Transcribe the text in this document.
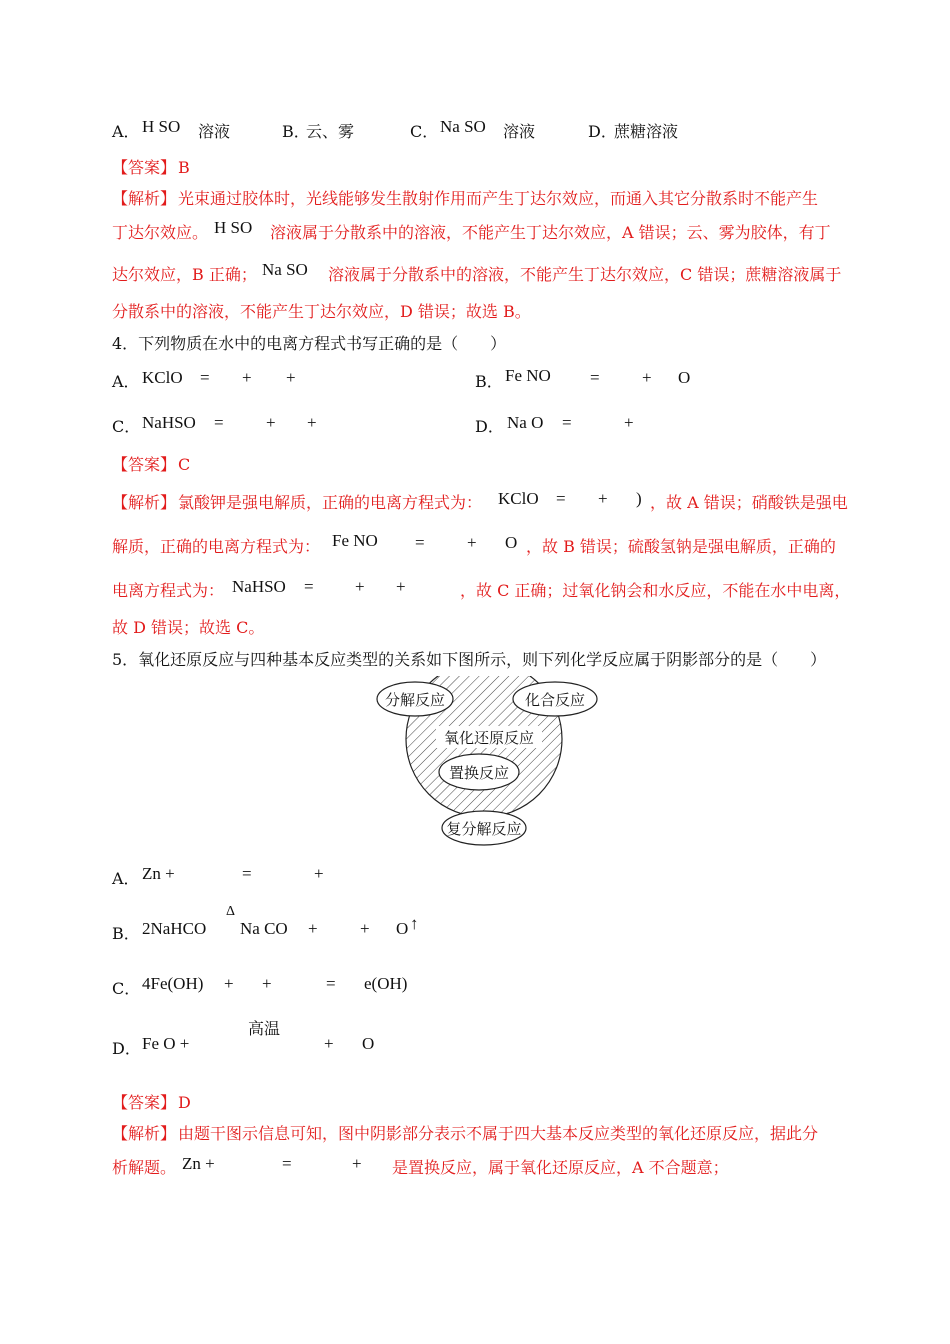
A． H SO 溶液	B．
云、雾	C． Na SO 溶液	D．
蔗糖溶液
【答案】 B
【解析】 光束通过胶体时，光线能够发生散射作用而产生丁达尔效应，而通入其它分散系时不能产生
丁达尔效应。 H SO 溶液属于分散系中的溶液，不能产生丁达尔效应，A 错误；云、雾为胶体，有丁
达尔效应，B 正确； Na SO 溶液属于分散系中的溶液，不能产生丁达尔效应，C 错误；蔗糖溶液属于
分散系中的溶液，不能产生丁达尔效应，D 错误；故选 B。
4．下列物质在水中的电离方程式书写正确的是（　　）
A． KClO = + +	B． Fe NO = + O
C． NaHSO = + +	D． Na O =	+
【答案】 C
【解析】 氯酸钾是强电解质，正确的电离方程式为： KClO = + ) ，故 A 错误；硝酸铁是强电
解质，正确的电离方程式为： Fe NO = + O ，故 B 错误；硫酸氢钠是强电解质，正确的
电离方程式为： NaHSO = + +	，故 C 正确；过氧化钠会和水反应，不能在水中电离，
故 D 错误；故选 C。
5．氧化还原反应与四种基本反应类型的关系如下图所示，则下列化学反应属于阴影部分的是（　　）
分解反应	化合反应
氧化还原反应
置换反应
复分解反应
A． Zn +	=	+
B． 2NaHCO
Δ
Na CO + + O ↑
C． 4Fe(OH) + +	= e(OH)
D． Fe O +
高温
+ O
【答案】 D
【解析】 由题干图示信息可知，图中阴影部分表示不属于四大基本反应类型的氧化还原反应，据此分
析解题。 Zn +	=	+ 是置换反应，属于氧化还原反应，A 不合题意；
